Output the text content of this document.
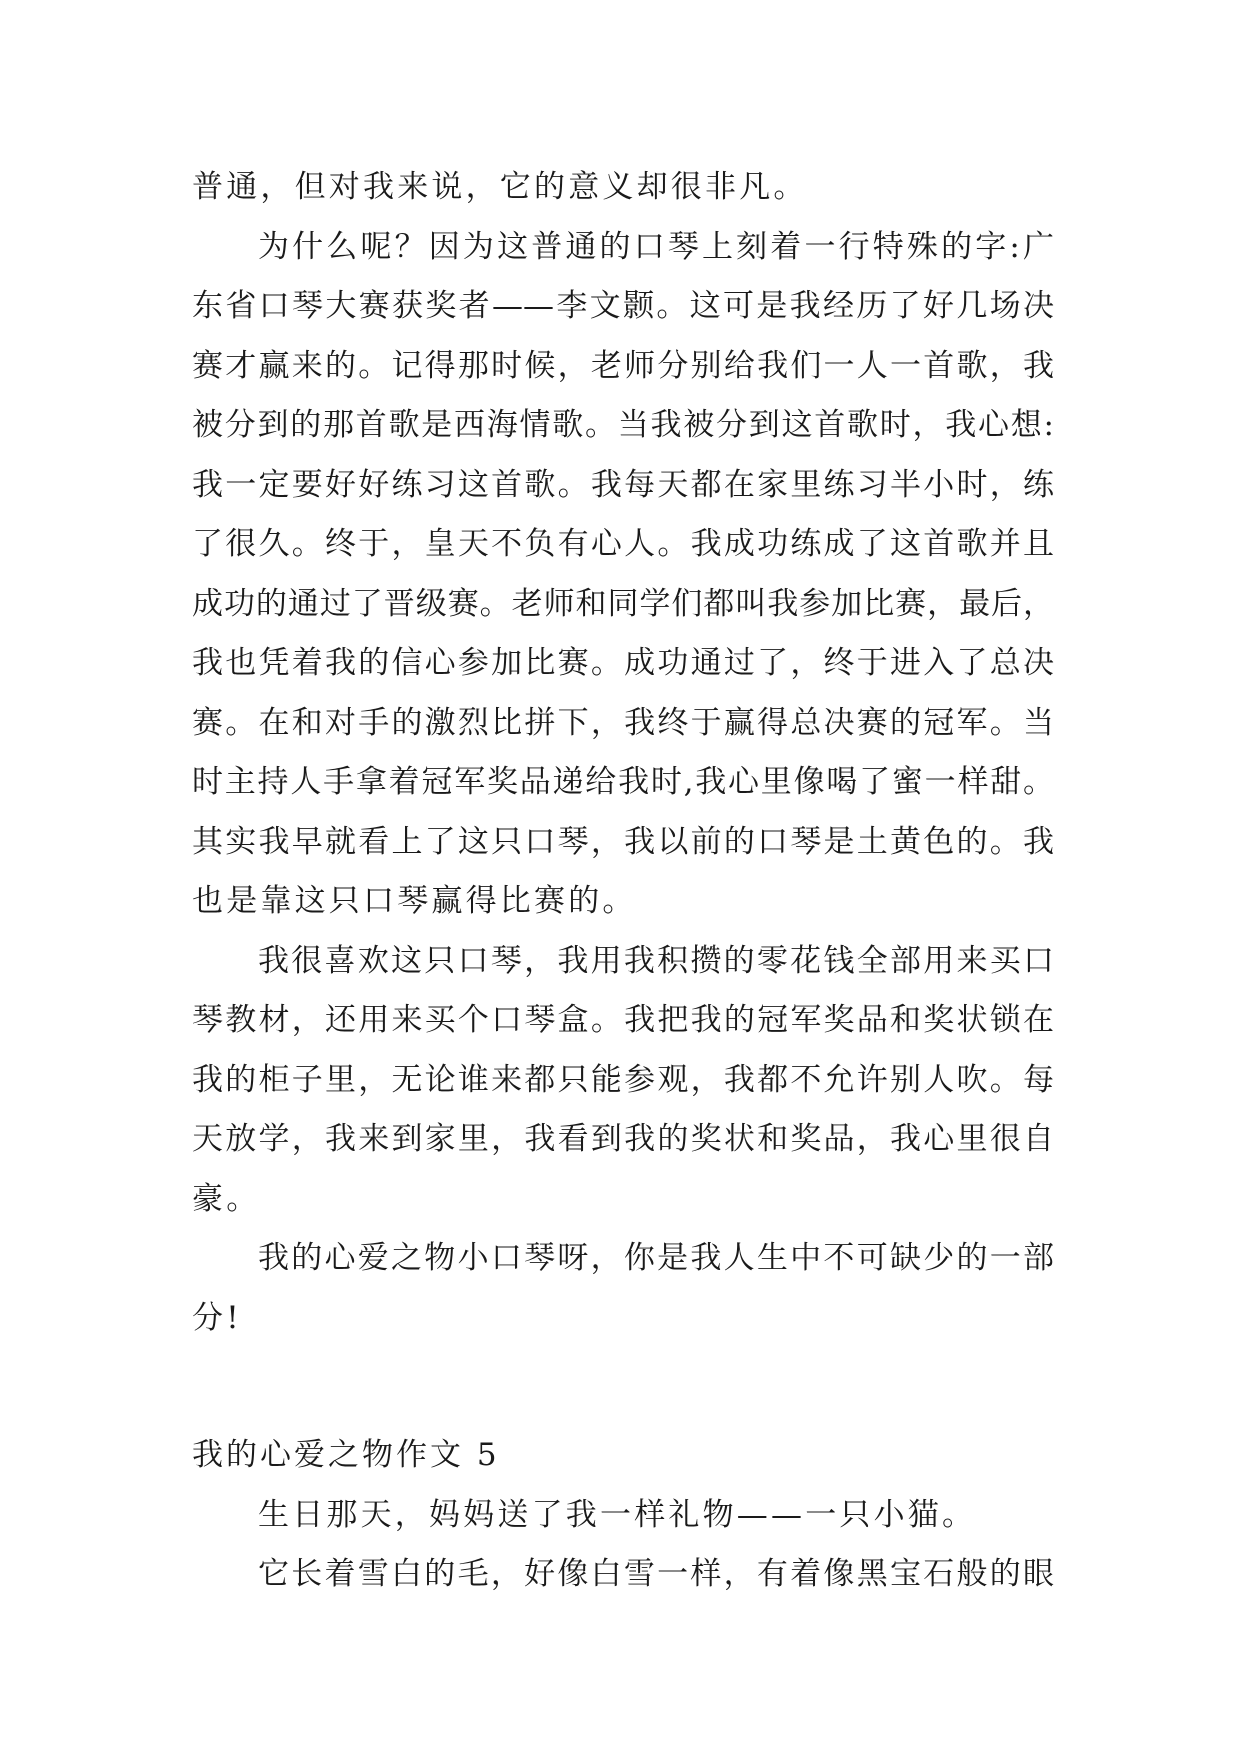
普通，但对我来说，它的意义却很非凡。
为什么呢？因为这普通的口琴上刻着一行特殊的字:广
东省口琴大赛获奖者——李文颢。这可是我经历了好几场决
赛才赢来的。记得那时候，老师分别给我们一人一首歌，我
被分到的那首歌是西海情歌。当我被分到这首歌时，我心想:
我一定要好好练习这首歌。我每天都在家里练习半小时，练
了很久。终于，皇天不负有心人。我成功练成了这首歌并且
成功的通过了晋级赛。老师和同学们都叫我参加比赛，最后，
我也凭着我的信心参加比赛。成功通过了，终于进入了总决
赛。在和对手的激烈比拼下，我终于赢得总决赛的冠军。当
时主持人手拿着冠军奖品递给我时,我心里像喝了蜜一样甜。
其实我早就看上了这只口琴，我以前的口琴是土黄色的。我
也是靠这只口琴赢得比赛的。
我很喜欢这只口琴，我用我积攒的零花钱全部用来买口
琴教材，还用来买个口琴盒。我把我的冠军奖品和奖状锁在
我的柜子里，无论谁来都只能参观，我都不允许别人吹。每
天放学，我来到家里，我看到我的奖状和奖品，我心里很自
豪。
我的心爱之物小口琴呀，你是我人生中不可缺少的一部
分!
我的心爱之物作文 5
生日那天，妈妈送了我一样礼物——一只小猫。
它长着雪白的毛，好像白雪一样，有着像黑宝石般的眼
